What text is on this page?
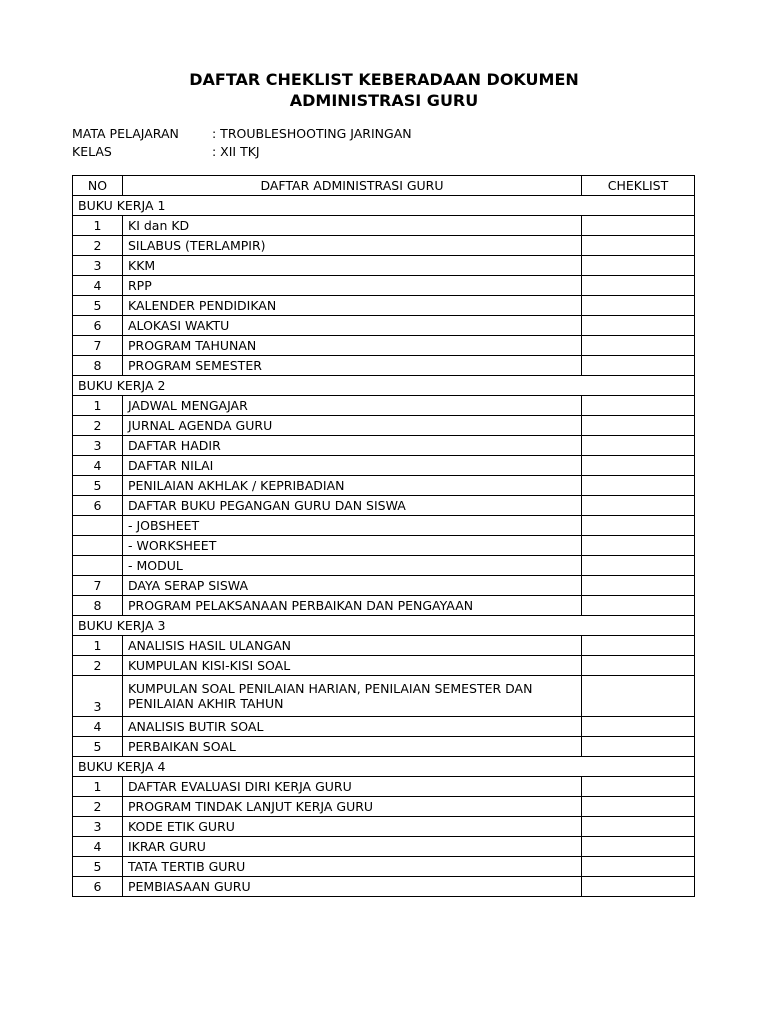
DAFTAR CHEKLIST KEBERADAAN DOKUMEN
ADMINISTRASI GURU
MATA PELAJARAN	: TROUBLESHOOTING JARINGAN
KELAS	: XII TKJ
NO	DAFTAR ADMINISTRASI GURU	CHEKLIST
BUKU KERJA 1		
1	KI dan KD	
2	SILABUS (TERLAMPIR)	
3	KKM	
4	RPP	
5	KALENDER PENDIDIKAN	
6	ALOKASI WAKTU	
7	PROGRAM TAHUNAN	
8	PROGRAM SEMESTER	
BUKU KERJA 2		
1	JADWAL MENGAJAR	
2	JURNAL AGENDA GURU	
3	DAFTAR HADIR	
4	DAFTAR NILAI	
5	PENILAIAN AKHLAK / KEPRIBADIAN	
6	DAFTAR BUKU PEGANGAN GURU DAN SISWA	
	- JOBSHEET	
	- WORKSHEET	
	- MODUL	
7	DAYA SERAP SISWA	
8	PROGRAM PELAKSANAAN PERBAIKAN DAN PENGAYAAN	
BUKU KERJA 3		
1	ANALISIS HASIL ULANGAN	
2	KUMPULAN KISI-KISI SOAL	
3	KUMPULAN SOAL PENILAIAN HARIAN, PENILAIAN SEMESTER DAN PENILAIAN AKHIR TAHUN	
4	ANALISIS BUTIR SOAL	
5	PERBAIKAN SOAL	
BUKU KERJA 4		
1	DAFTAR EVALUASI DIRI KERJA GURU	
2	PROGRAM TINDAK LANJUT KERJA GURU	
3	KODE ETIK GURU	
4	IKRAR GURU	
5	TATA TERTIB GURU	
6	PEMBIASAAN GURU	
